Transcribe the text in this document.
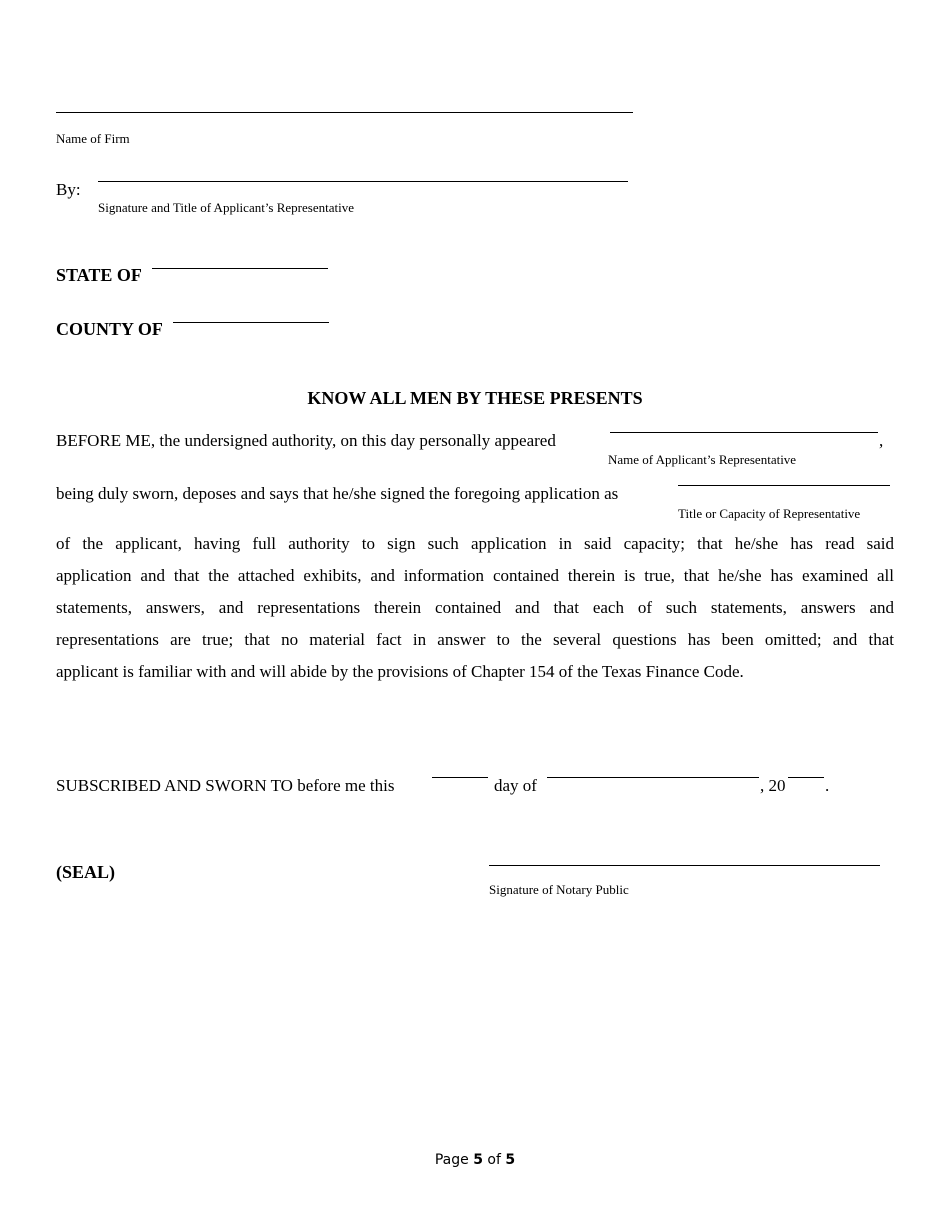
Name of Firm
By:
Signature and Title of Applicant’s Representative
STATE OF
COUNTY OF
KNOW ALL MEN BY THESE PRESENTS
BEFORE ME, the undersigned authority, on this day personally appeared	,
Name of Applicant’s Representative
being duly sworn, deposes and says that he/she signed the foregoing application as
Title or Capacity of Representative
of the applicant, having full authority to sign such application in said capacity; that he/she has read said
application and that the attached exhibits, and information contained therein is true, that he/she has examined all
statements, answers, and representations therein contained and that each of such statements, answers and
representations are true; that no material fact in answer to the several questions has been omitted; and that
applicant is familiar with and will abide by the provisions of Chapter 154 of the Texas Finance Code.
SUBSCRIBED AND SWORN TO before me this	day of	, 20 .
(SEAL)
Signature of Notary Public
Page 5 of 5
